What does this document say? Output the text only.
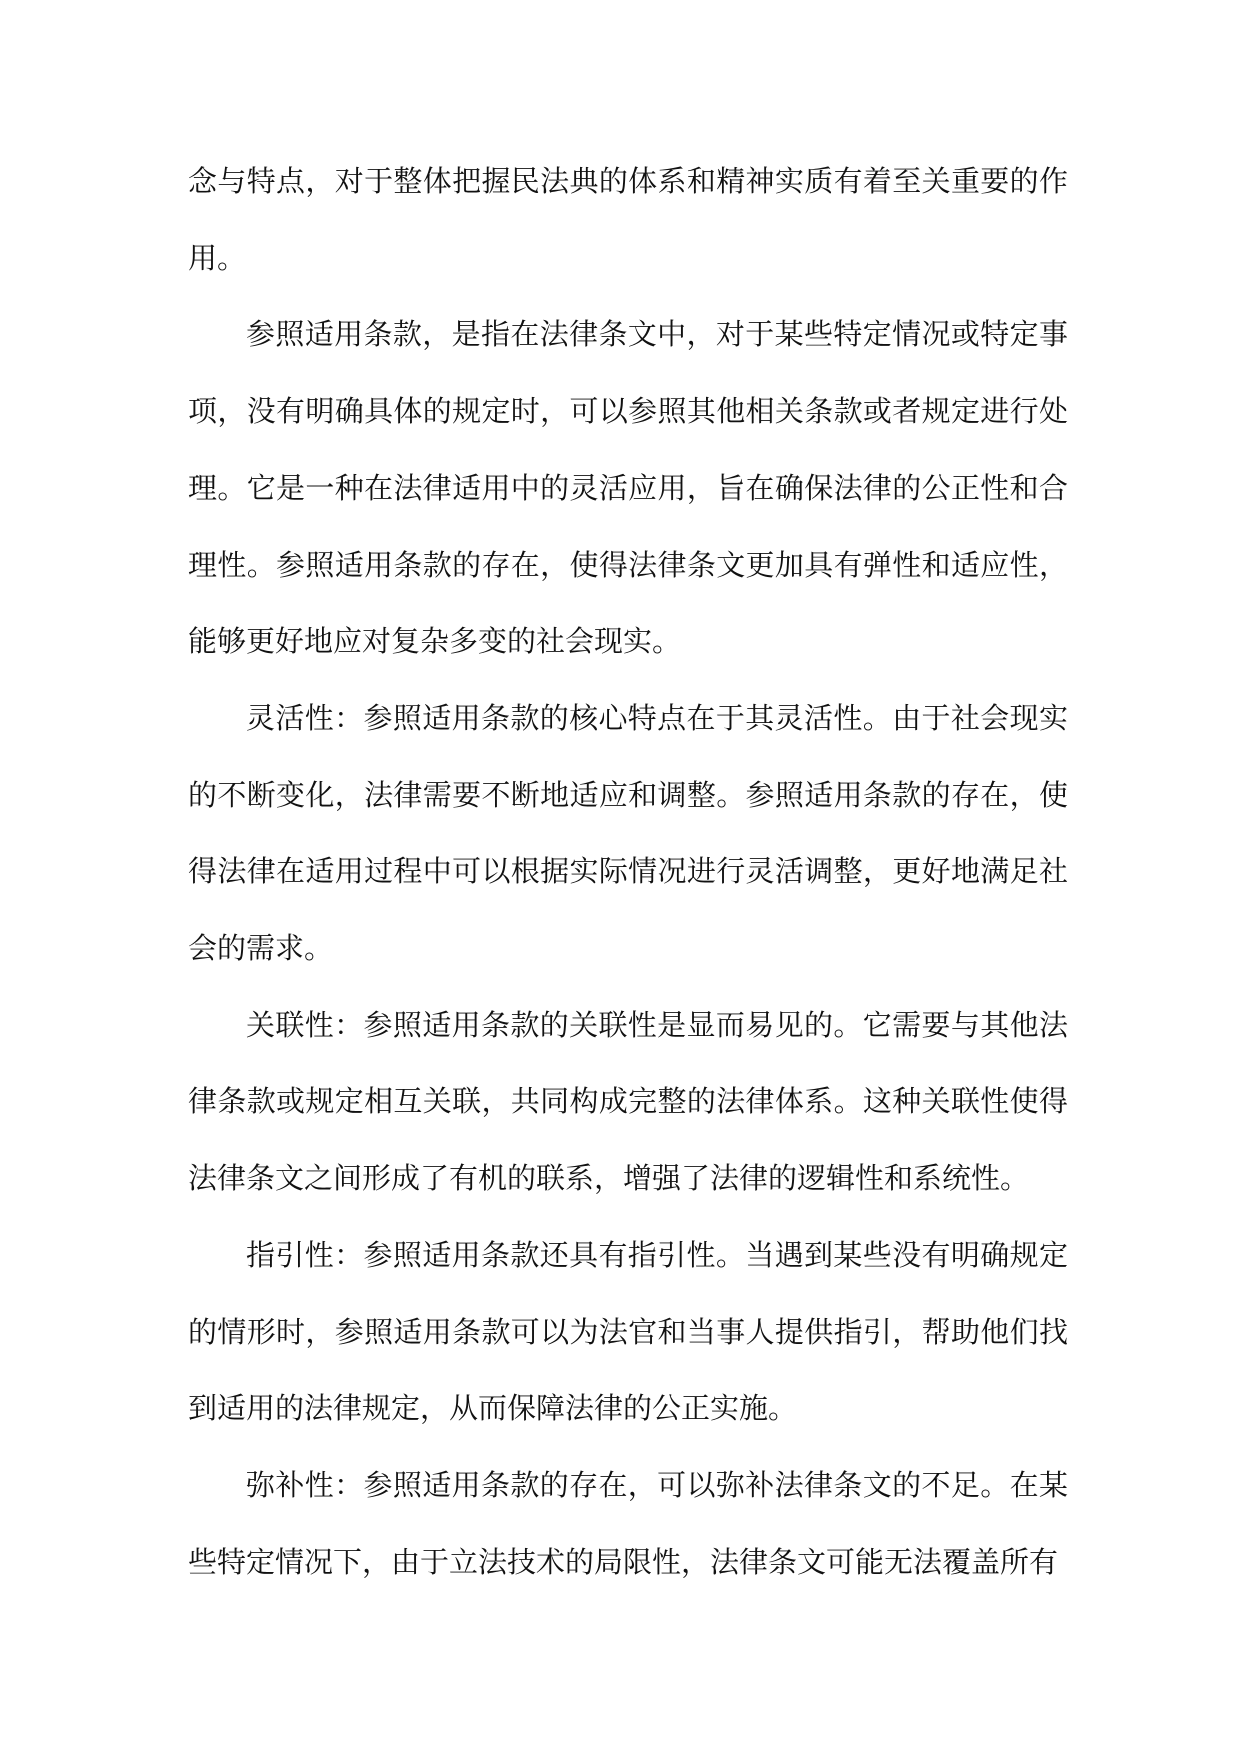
念与特点，对于整体把握民法典的体系和精神实质有着至关重要的作用。

参照适用条款，是指在法律条文中，对于某些特定情况或特定事项，没有明确具体的规定时，可以参照其他相关条款或者规定进行处理。它是一种在法律适用中的灵活应用，旨在确保法律的公正性和合理性。参照适用条款的存在，使得法律条文更加具有弹性和适应性，能够更好地应对复杂多变的社会现实。

灵活性：参照适用条款的核心特点在于其灵活性。由于社会现实的不断变化，法律需要不断地适应和调整。参照适用条款的存在，使得法律在适用过程中可以根据实际情况进行灵活调整，更好地满足社会的需求。

关联性：参照适用条款的关联性是显而易见的。它需要与其他法律条款或规定相互关联，共同构成完整的法律体系。这种关联性使得法律条文之间形成了有机的联系，增强了法律的逻辑性和系统性。

指引性：参照适用条款还具有指引性。当遇到某些没有明确规定的情形时，参照适用条款可以为法官和当事人提供指引，帮助他们找到适用的法律规定，从而保障法律的公正实施。

弥补性：参照适用条款的存在，可以弥补法律条文的不足。在某些特定情况下，由于立法技术的局限性，法律条文可能无法覆盖所有
